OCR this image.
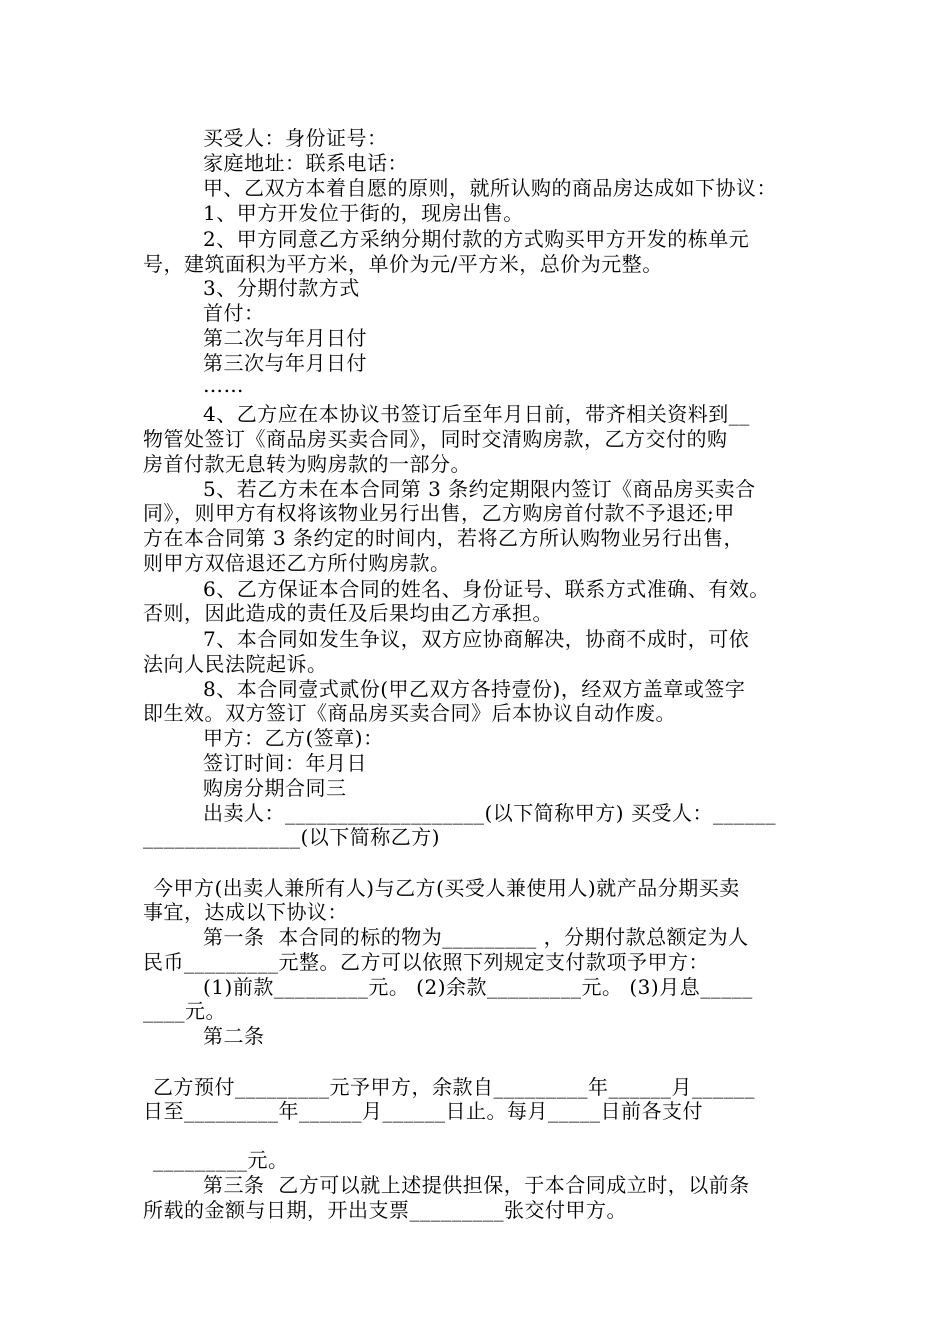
买受人：身份证号：
家庭地址：联系电话：
甲、乙双方本着自愿的原则，就所认购的商品房达成如下协议：
1、甲方开发位于街的，现房出售。
2、甲方同意乙方采纳分期付款的方式购买甲方开发的栋单元
号，建筑面积为平方米，单价为元/平方米，总价为元整。
3、分期付款方式
首付：
第二次与年月日付
第三次与年月日付
……
4、乙方应在本协议书签订后至年月日前，带齐相关资料到__
物管处签订《商品房买卖合同》，同时交清购房款，乙方交付的购
房首付款无息转为购房款的一部分。
5、若乙方未在本合同第 3 条约定期限内签订《商品房买卖合
同》，则甲方有权将该物业另行出售，乙方购房首付款不予退还;甲
方在本合同第 3 条约定的时间内，若将乙方所认购物业另行出售，
则甲方双倍退还乙方所付购房款。
6、乙方保证本合同的姓名、身份证号、联系方式准确、有效。
否则，因此造成的责任及后果均由乙方承担。
7、本合同如发生争议，双方应协商解决，协商不成时，可依
法向人民法院起诉。
8、本合同壹式贰份(甲乙双方各持壹份)，经双方盖章或签字
即生效。双方签订《商品房买卖合同》后本协议自动作废。
甲方：乙方(签章)：
签订时间：年月日
购房分期合同三
出卖人：___________________(以下简称甲方) 买受人：______
_______________(以下简称乙方)
今甲方(出卖人兼所有人)与乙方(买受人兼使用人)就产品分期买卖
事宜，达成以下协议：
第一条  本合同的标的物为_________ ，分期付款总额定为人
民币_________元整。乙方可以依照下列规定支付款项予甲方：
(1)前款_________元。 (2)余款_________元。 (3)月息_____
____元。
第二条
乙方预付_________元予甲方，余款自_________年______月______
日至_________年______月______日止。每月_____日前各支付
_________元。
第三条  乙方可以就上述提供担保，于本合同成立时，以前条
所载的金额与日期，开出支票_________张交付甲方。
